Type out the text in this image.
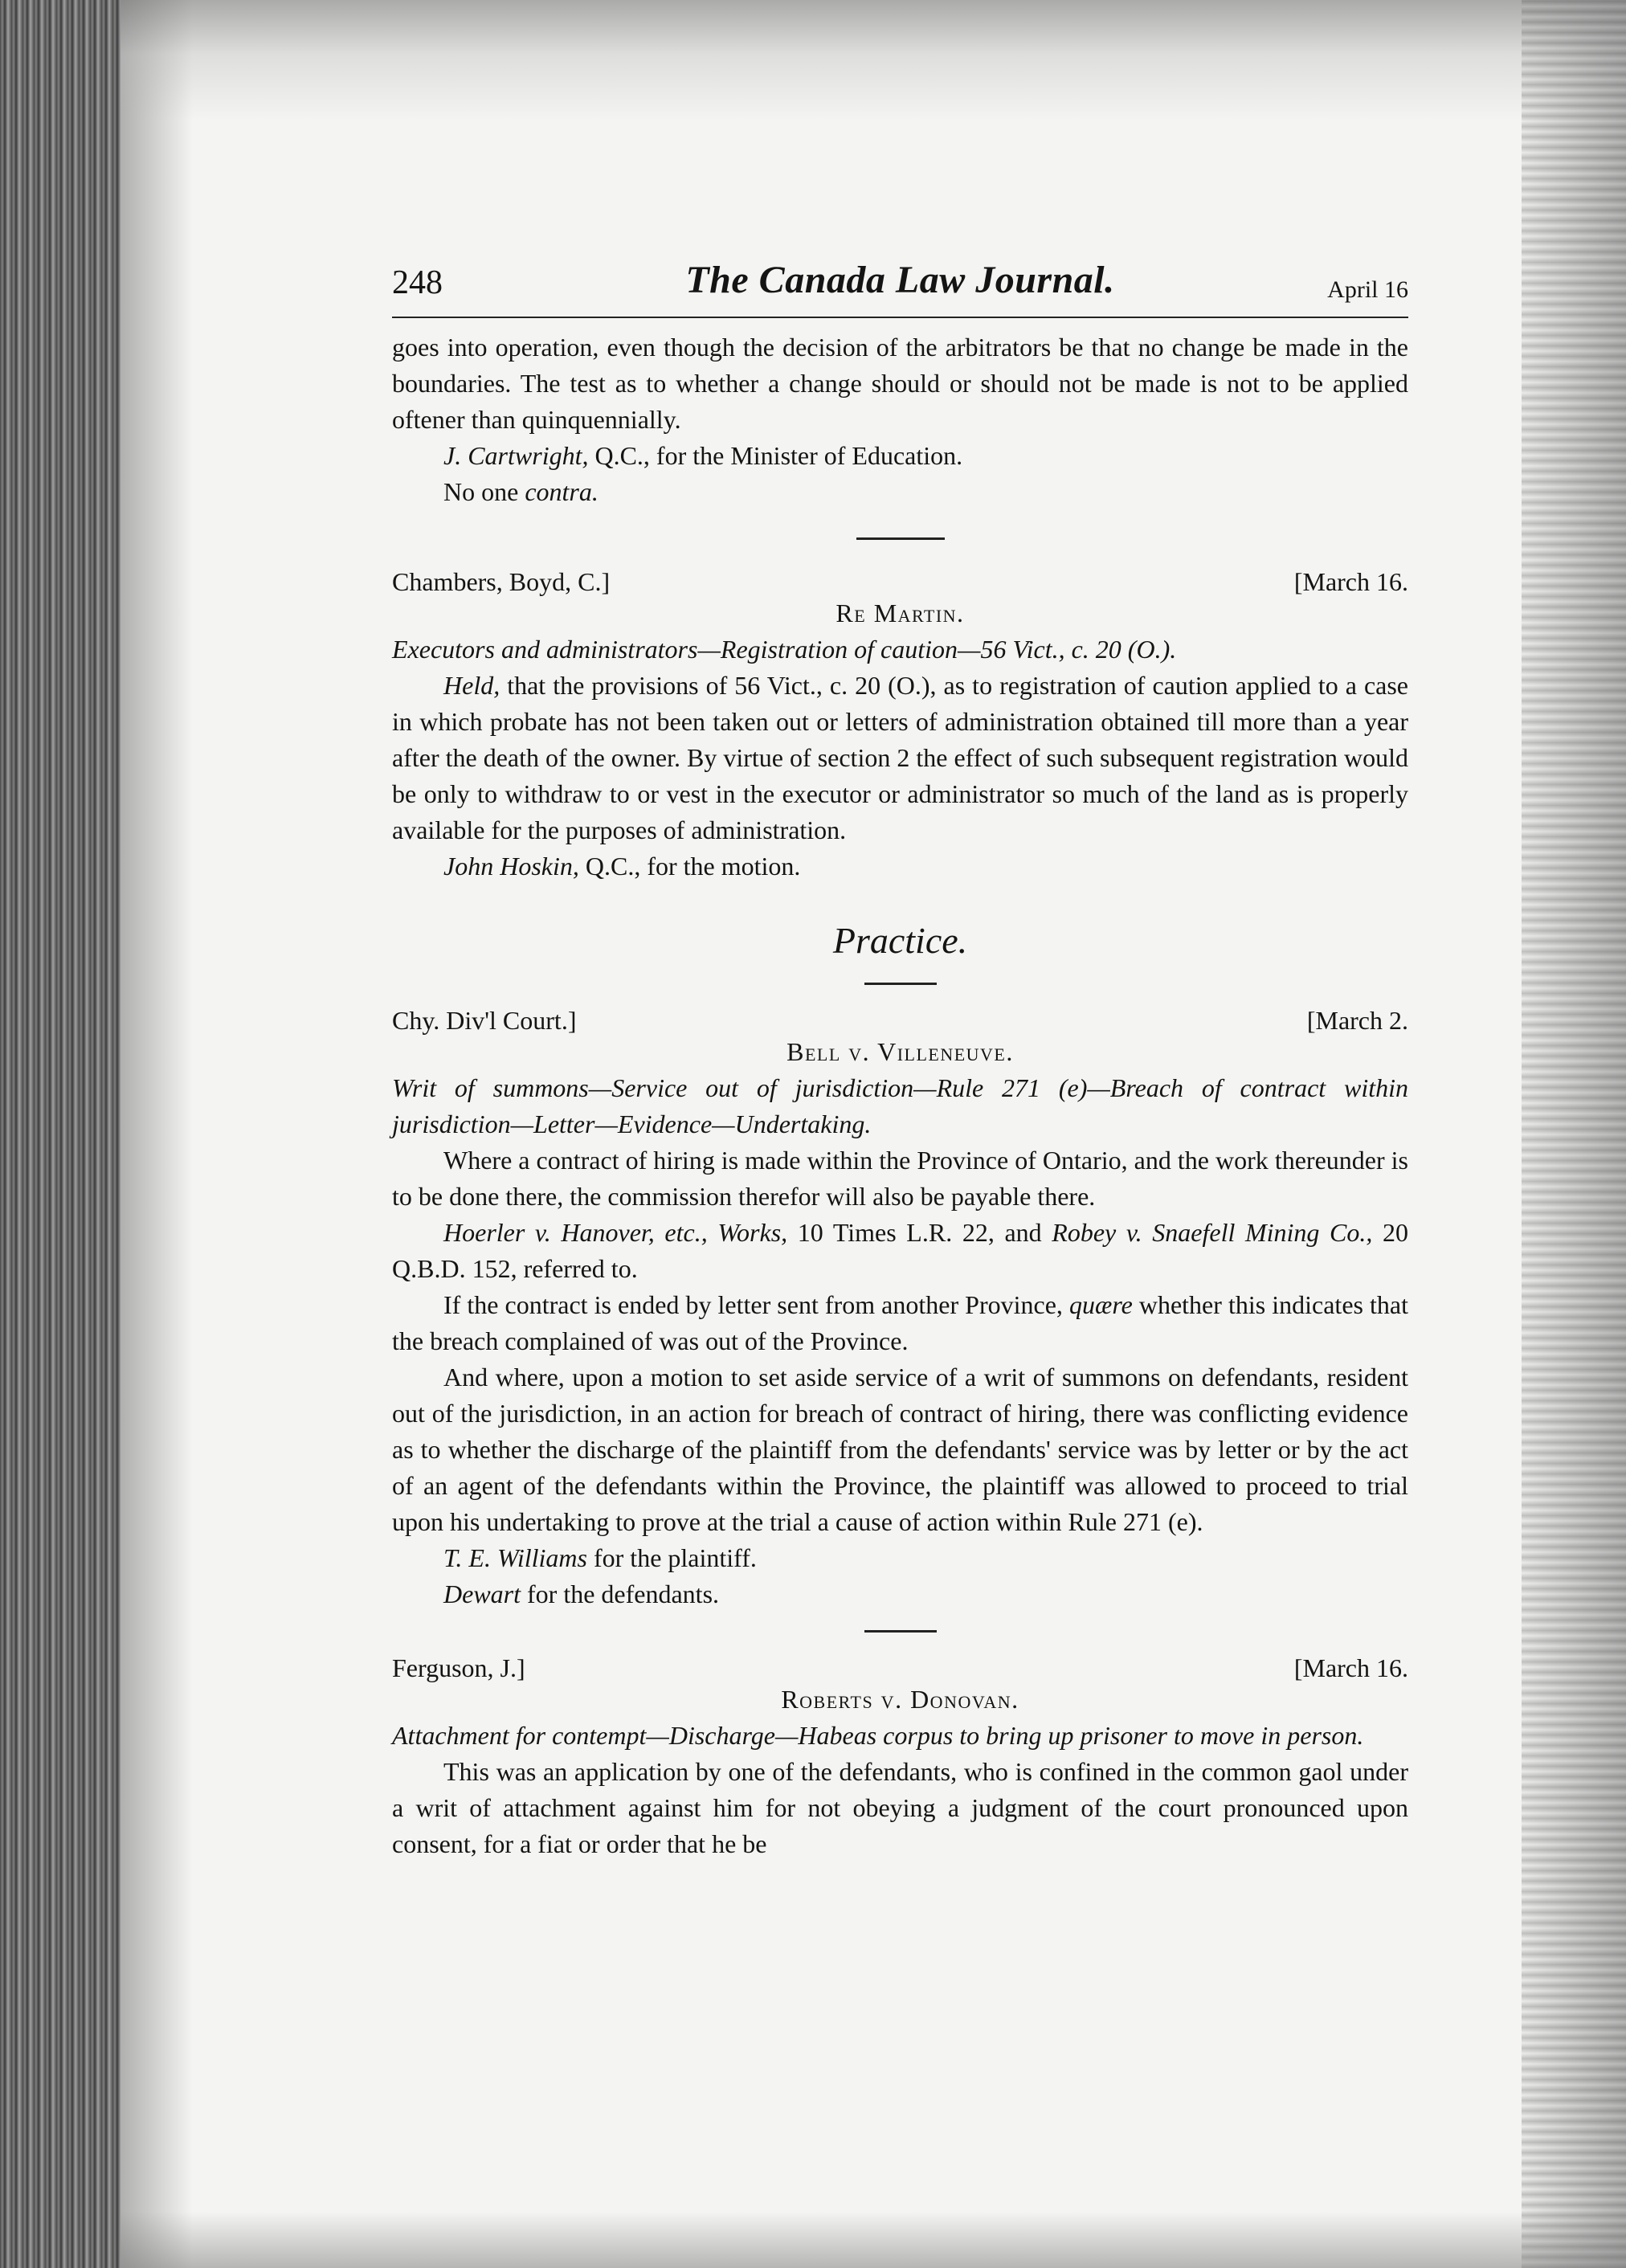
248	The Canada Law Journal.	April 16

goes into operation, even though the decision of the arbitrators be that no change be made in the boundaries. The test as to whether a change should or should not be made is not to be applied oftener than quinquennially.

J. Cartwright, Q.C., for the Minister of Education.

No one contra.

Chambers, Boyd, C.]	[March 16.
Re Martin.

Executors and administrators—Registration of caution—56 Vict., c. 20 (O.).

Held, that the provisions of 56 Vict., c. 20 (O.), as to registration of caution applied to a case in which probate has not been taken out or letters of administration obtained till more than a year after the death of the owner. By virtue of section 2 the effect of such subsequent registration would be only to withdraw to or vest in the executor or administrator so much of the land as is properly available for the purposes of administration.

John Hoskin, Q.C., for the motion.

Practice.
Chy. Div'l Court.]	[March 2.
Bell v. Villeneuve.

Writ of summons—Service out of jurisdiction—Rule 271 (e)—Breach of contract within jurisdiction—Letter—Evidence—Undertaking.

Where a contract of hiring is made within the Province of Ontario, and the work thereunder is to be done there, the commission therefor will also be payable there.

Hoerler v. Hanover, etc., Works, 10 Times L.R. 22, and Robey v. Snaefell Mining Co., 20 Q.B.D. 152, referred to.

If the contract is ended by letter sent from another Province, quære whether this indicates that the breach complained of was out of the Province.

And where, upon a motion to set aside service of a writ of summons on defendants, resident out of the jurisdiction, in an action for breach of contract of hiring, there was conflicting evidence as to whether the discharge of the plaintiff from the defendants' service was by letter or by the act of an agent of the defendants within the Province, the plaintiff was allowed to proceed to trial upon his undertaking to prove at the trial a cause of action within Rule 271 (e).

T. E. Williams for the plaintiff.

Dewart for the defendants.

Ferguson, J.]	[March 16.
Roberts v. Donovan.

Attachment for contempt—Discharge—Habeas corpus to bring up prisoner to move in person.

This was an application by one of the defendants, who is confined in the common gaol under a writ of attachment against him for not obeying a judgment of the court pronounced upon consent, for a fiat or order that he be
